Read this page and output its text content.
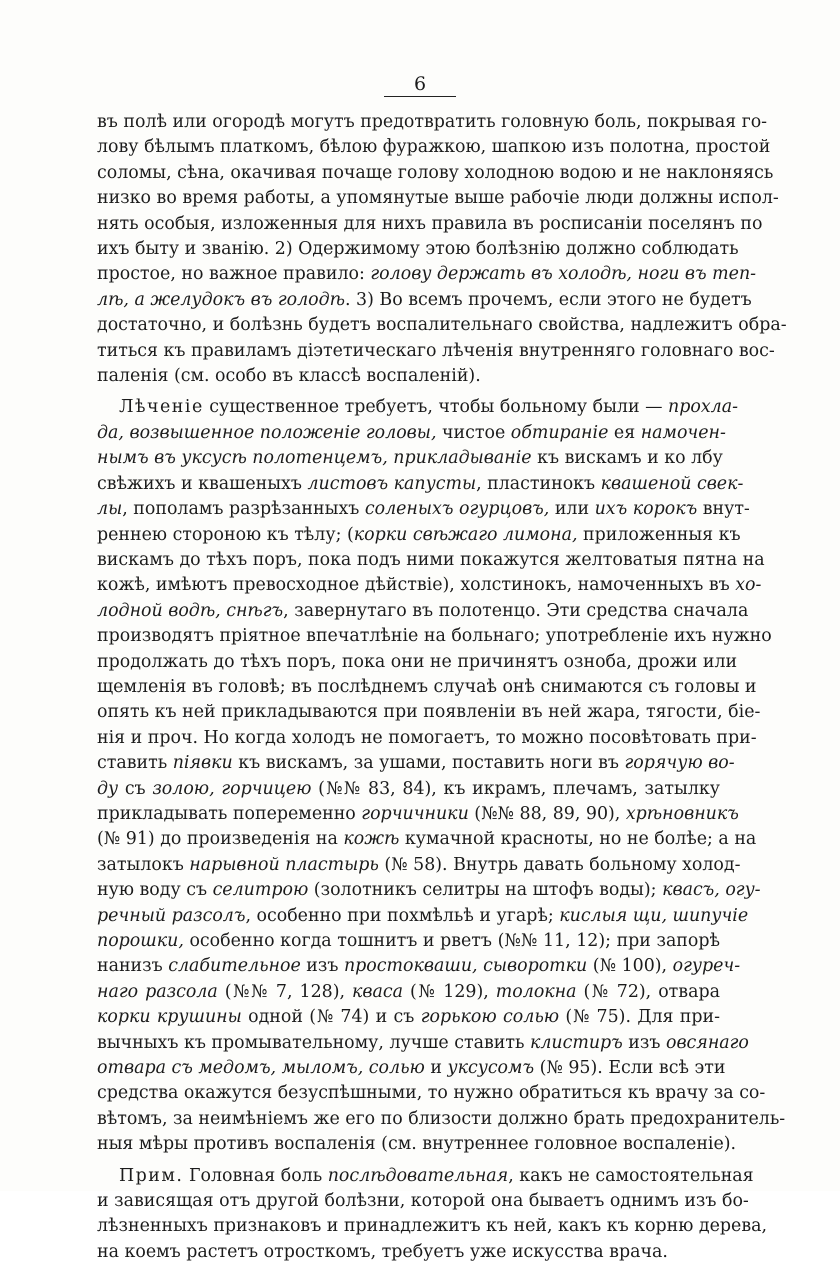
6
въ полѣ или огородѣ могутъ предотвратить головную боль, покрывая го-
лову бѣлымъ платкомъ, бѣлою фуражкою, шапкою изъ полотна, простой
соломы, сѣна, окачивая почаще голову холодною водою и не наклоняясь
низко во время работы, а упомянутые выше рабочіе люди должны испол-
нять особыя, изложенныя для нихъ правила въ росписаніи поселянъ по
ихъ быту и званію. 2) Одержимому этою болѣзнію должно соблюдать
простое, но важное правило: голову держать въ холодѣ, ноги въ теп-
лѣ, а желудокъ въ голодѣ. 3) Во всемъ прочемъ, если этого не будетъ
достаточно, и болѣзнь будетъ воспалительнаго свойства, надлежитъ обра-
титься къ правиламъ діэтетическаго лѣченія внутренняго головнаго вос-
паленія (см. особо въ классѣ воспаленій).
Лѣченіе существенное требуетъ, чтобы больному были — прохла-
да, возвышенное положеніе головы, чистое обтираніе ея намочен-
нымъ въ уксусѣ полотенцемъ, прикладываніе къ вискамъ и ко лбу
свѣжихъ и квашеныхъ листовъ капусты, пластинокъ квашеной свек-
лы, пополамъ разрѣзанныхъ соленыхъ огурцовъ, или ихъ корокъ внут-
реннею стороною къ тѣлу; (корки свѣжаго лимона, приложенныя къ
вискамъ до тѣхъ поръ, пока подъ ними покажутся желтоватыя пятна на
кожѣ, имѣютъ превосходное дѣйствіе), холстинокъ, намоченныхъ въ хо-
лодной водѣ, снѣгъ, завернутаго въ полотенцо. Эти средства сначала
производятъ пріятное впечатлѣніе на больнаго; употребленіе ихъ нужно
продолжать до тѣхъ поръ, пока они не причинятъ озноба, дрожи или
щемленія въ головѣ; въ послѣднемъ случаѣ онѣ снимаются съ головы и
опять къ ней прикладываются при появленіи въ ней жара, тягости, бie-
нія и проч. Но когда холодъ не помогаетъ, то можно посовѣтовать при-
ставить піявки къ вискамъ, за ушами, поставить ноги въ горячую во-
ду съ золою, горчицею (№№ 83, 84), къ икрамъ, плечамъ, затылку
прикладывать попеременно горчичники (№№ 88, 89, 90), хрѣновникъ
(№ 91) до произведенія на кожѣ кумачной красноты, но не болѣе; а на
затылокъ нарывной пластырь (№ 58). Внутрь давать больному холод-
ную воду съ селитрою (золотникъ селитры на штофъ воды); квасъ, огу-
речный разсолъ, особенно при похмѣльѣ и угарѣ; кислыя щи, шипучіе
порошки, особенно когда тошнитъ и рветъ (№№ 11, 12); при запорѣ
нанизъ слабительное изъ простокваши, сыворотки (№ 100), огуреч-
наго разсола (№№ 7, 128), кваса (№ 129), толокна (№ 72), отвара
корки крушины одной (№ 74) и съ горькою солью (№ 75). Для при-
вычныхъ къ промывательному, лучше ставить клистиръ изъ овсянаго
отвара съ медомъ, мыломъ, солью и уксусомъ (№ 95). Если всѣ эти
средства окажутся безуспѣшными, то нужно обратиться къ врачу за со-
вѣтомъ, за неимѣніемъ же его по близости должно брать предохранитель-
ныя мѣры противъ воспаленія (см. внутреннее головное воспаленіе).
Прим. Головная боль послѣдовательная, какъ не самостоятельная
и зависящая отъ другой болѣзни, которой она бываетъ однимъ изъ бо-
лѣзненныхъ признаковъ и принадлежитъ къ ней, какъ къ корню дерева,
на коемъ растетъ отросткомъ, требуетъ уже искусства врача.
